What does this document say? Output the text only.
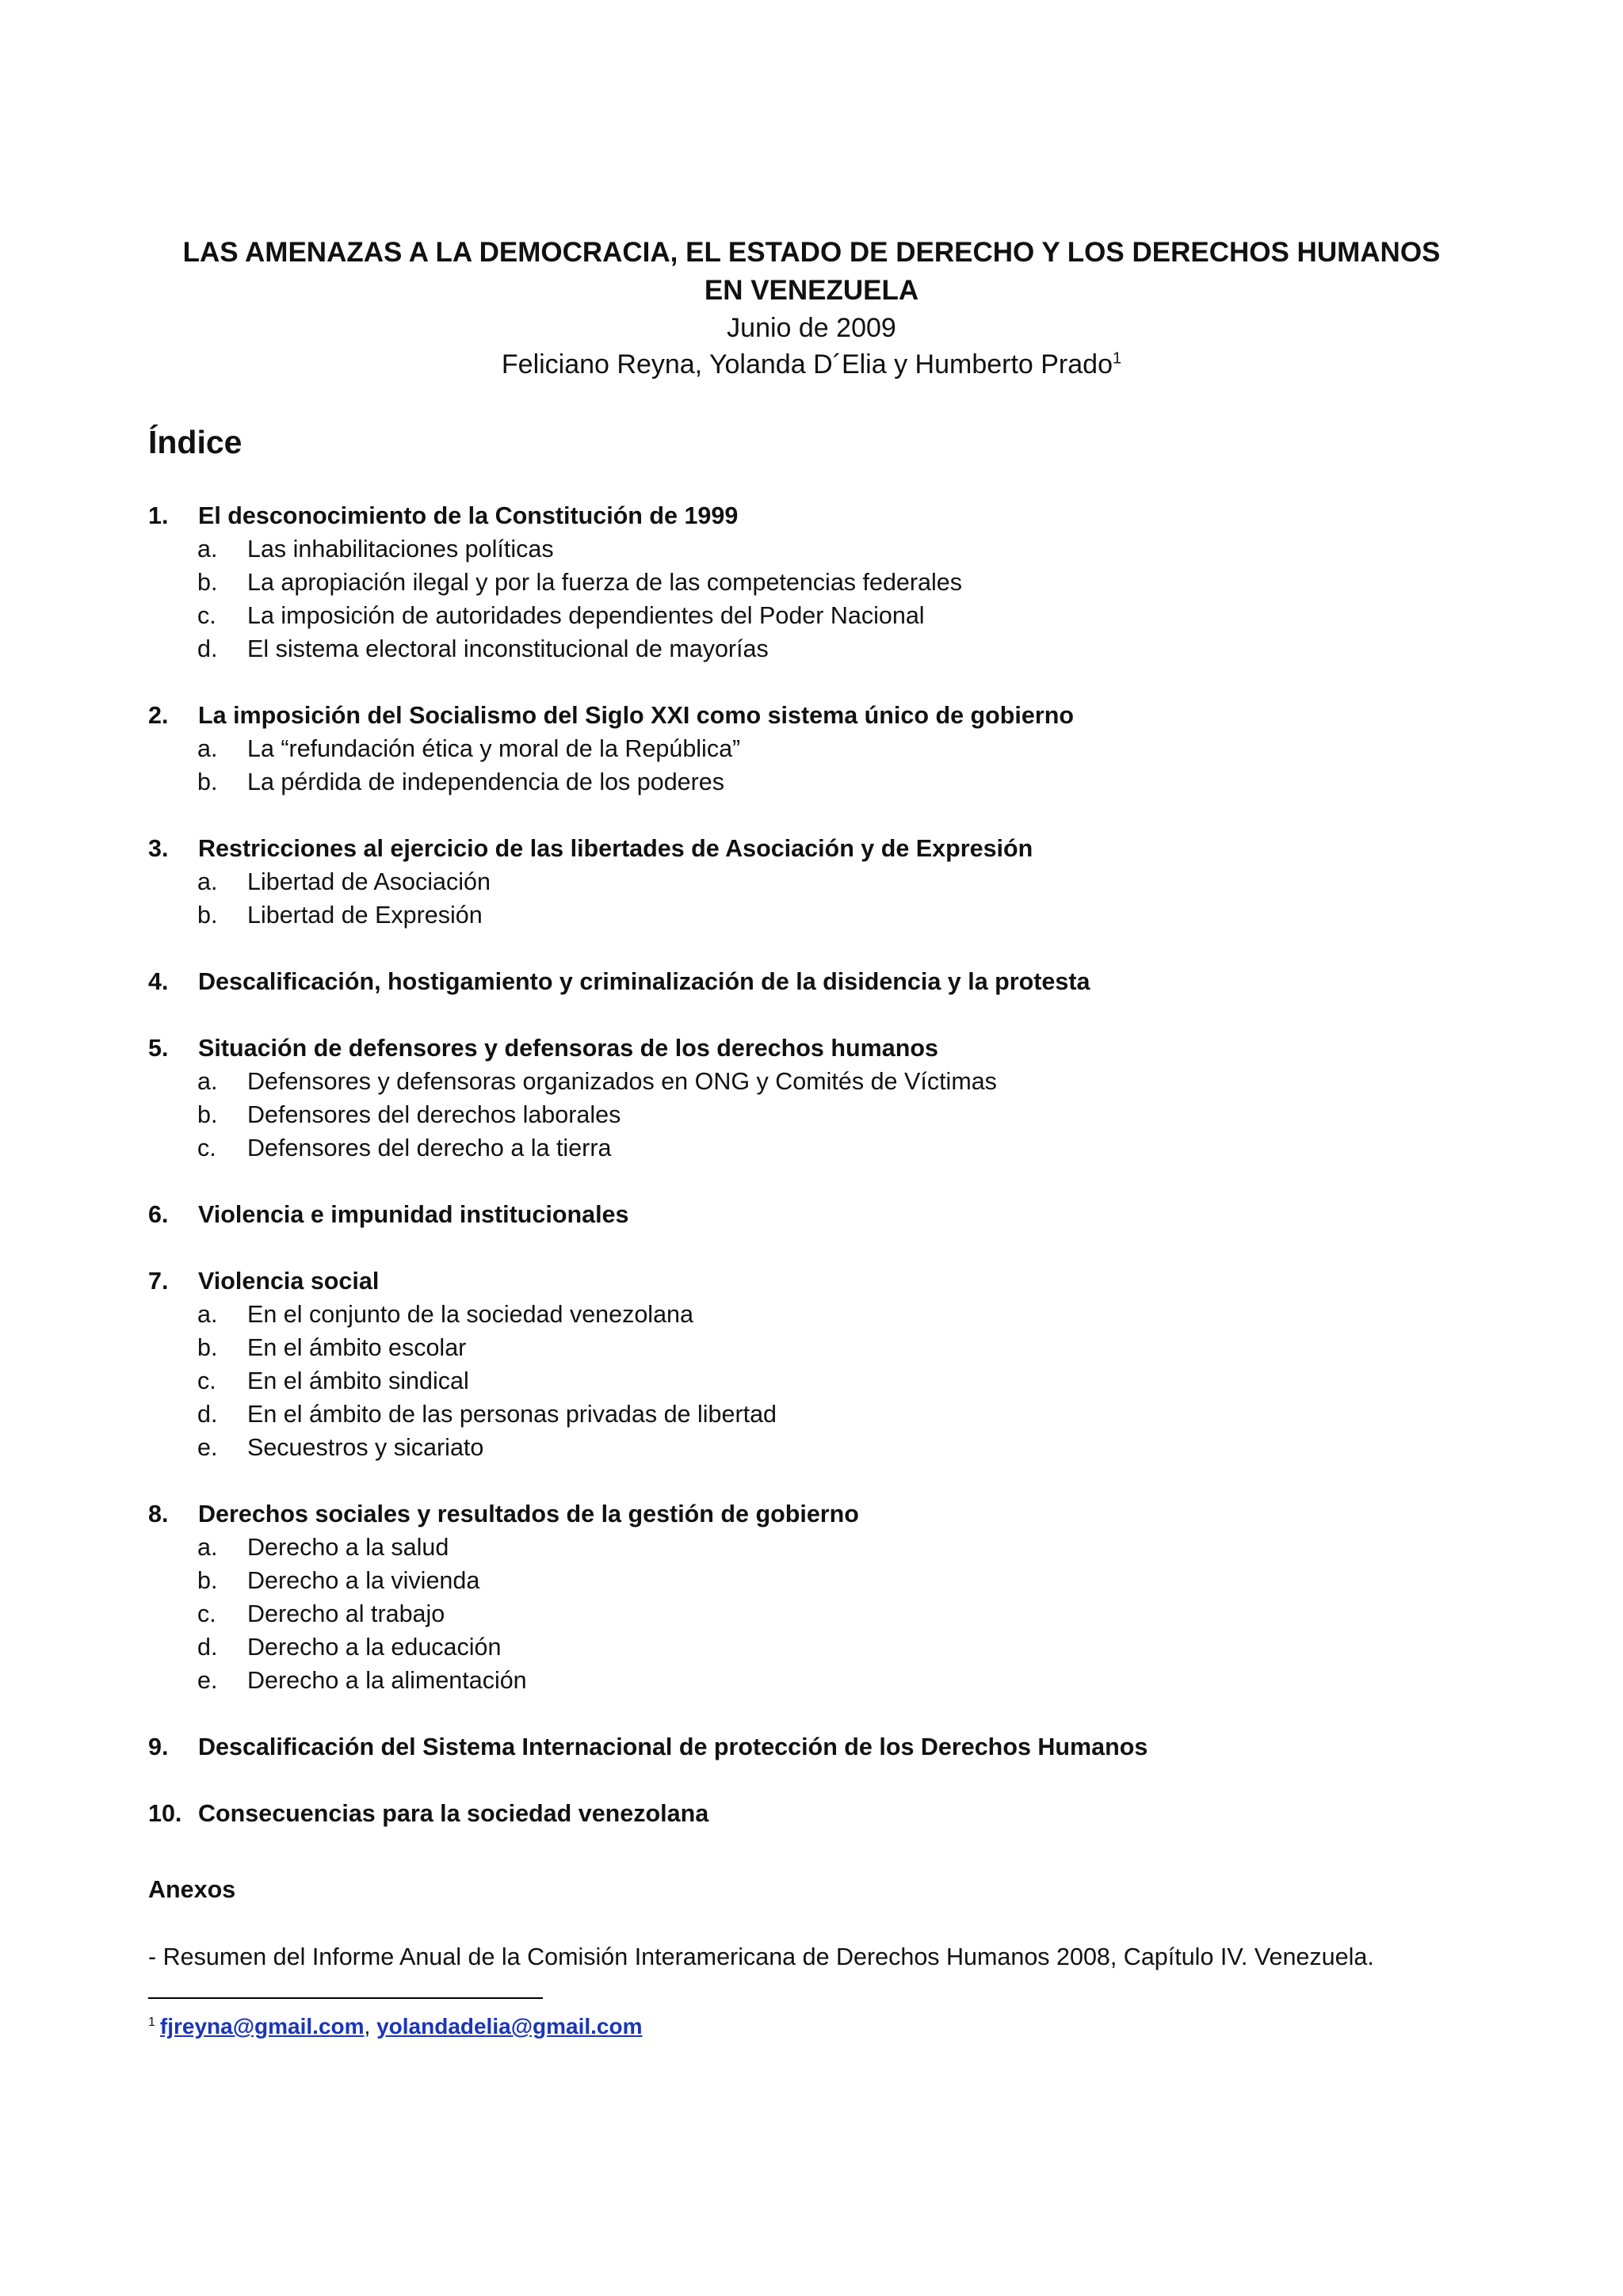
LAS AMENAZAS A LA DEMOCRACIA, EL ESTADO DE DERECHO Y LOS DERECHOS HUMANOS

EN VENEZUELA

Junio de 2009

Feliciano Reyna, Yolanda D´Elia y Humberto Prado$^1$

Índice
1.	El desconocimiento de la Constitución de 1999
a.	Las inhabilitaciones políticas
b.	La apropiación ilegal y por la fuerza de las competencias federales
c.	La imposición de autoridades dependientes del Poder Nacional
d.	El sistema electoral inconstitucional de mayorías
2.	La imposición del Socialismo del Siglo XXI como sistema único de gobierno
a.	La “refundación ética y moral de la República”
b.	La pérdida de independencia de los poderes
3.	Restricciones al ejercicio de las libertades de Asociación y de Expresión
a.	Libertad de Asociación
b.	Libertad de Expresión
4.	Descalificación, hostigamiento y criminalización de la disidencia y la protesta
5.	Situación de defensores y defensoras de los derechos humanos
a.	Defensores y defensoras organizados en ONG y Comités de Víctimas
b.	Defensores del derechos laborales
c.	Defensores del derecho a la tierra
6.	Violencia e impunidad institucionales
7.	Violencia social
a.	En el conjunto de la sociedad venezolana
b.	En el ámbito escolar
c.	En el ámbito sindical
d.	En el ámbito de las personas privadas de libertad
e.	Secuestros y sicariato
8.	Derechos sociales y resultados de la gestión de gobierno
a.	Derecho a la salud
b.	Derecho a la vivienda
c.	Derecho al trabajo
d.	Derecho a la educación
e.	Derecho a la alimentación
9.	Descalificación del Sistema Internacional de protección de los Derechos Humanos
10. Consecuencias para la sociedad venezolana
Anexos
- Resumen del Informe Anual de la Comisión Interamericana de Derechos Humanos 2008, Capítulo IV. Venezuela.
$^1$ fjreyna@gmail.com, yolandadelia@gmail.com
